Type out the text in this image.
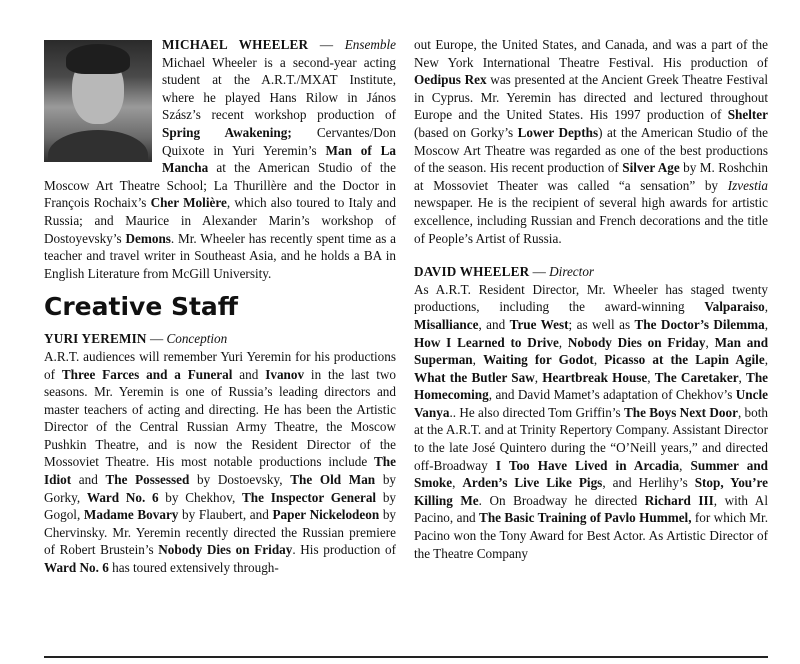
MICHAEL WHEELER — Ensemble Michael Wheeler is a second-year acting student at the A.R.T./MXAT Institute, where he played Hans Rilow in János Szász’s recent workshop production of Spring Awakening; Cervantes/Don Quixote in Yuri Yeremin’s Man of La Mancha at the American Studio of the Moscow Art Theatre School; La Thurillère and the Doctor in François Rochaix’s Cher Molière, which also toured to Italy and Russia; and Maurice in Alexander Marin’s workshop of Dostoyevsky’s Demons. Mr. Wheeler has recently spent time as a teacher and travel writer in Southeast Asia, and he holds a BA in English Literature from McGill University.

Creative Staff

YURI YEREMIN — Conception
A.R.T. audiences will remember Yuri Yeremin for his productions of Three Farces and a Funeral and Ivanov in the last two seasons. Mr. Yeremin is one of Russia’s leading directors and master teachers of acting and directing. He has been the Artistic Director of the Central Russian Army Theatre, the Moscow Pushkin Theatre, and is now the Resident Director of the Mossoviet Theatre. His most notable productions include The Idiot and The Possessed by Dostoevsky, The Old Man by Gorky, Ward No. 6 by Chekhov, The Inspector General by Gogol, Madame Bovary by Flaubert, and Paper Nickelodeon by Chervinsky. Mr. Yeremin recently directed the Russian premiere of Robert Brustein’s Nobody Dies on Friday. His production of Ward No. 6 has toured extensively through-

out Europe, the United States, and Canada, and was a part of the New York International Theatre Festival. His production of Oedipus Rex was presented at the Ancient Greek Theatre Festival in Cyprus. Mr. Yeremin has directed and lectured throughout Europe and the United States. His 1997 production of Shelter (based on Gorky’s Lower Depths) at the American Studio of the Moscow Art Theatre was regarded as one of the best productions of the season. His recent production of Silver Age by M. Roshchin at Mossoviet Theater was called “a sensation” by Izvestia newspaper. He is the recipient of several high awards for artistic excellence, including Russian and French decorations and the title of People’s Artist of Russia.

DAVID WHEELER — Director
As A.R.T. Resident Director, Mr. Wheeler has staged twenty productions, including the award-winning Valparaiso, Misalliance, and True West; as well as The Doctor’s Dilemma, How I Learned to Drive, Nobody Dies on Friday, Man and Superman, Waiting for Godot, Picasso at the Lapin Agile, What the Butler Saw, Heartbreak House, The Caretaker, The Homecoming, and David Mamet’s adaptation of Chekhov’s Uncle Vanya.. He also directed Tom Griffin’s The Boys Next Door, both at the A.R.T. and at Trinity Repertory Company. Assistant Director to the late José Quintero during the “O’Neill years,” and directed off-Broadway I Too Have Lived in Arcadia, Summer and Smoke, Arden’s Live Like Pigs, and Herlihy’s Stop, You’re Killing Me. On Broadway he directed Richard III, with Al Pacino, and The Basic Training of Pavlo Hummel, for which Mr. Pacino won the Tony Award for Best Actor. As Artistic Director of the Theatre Company
